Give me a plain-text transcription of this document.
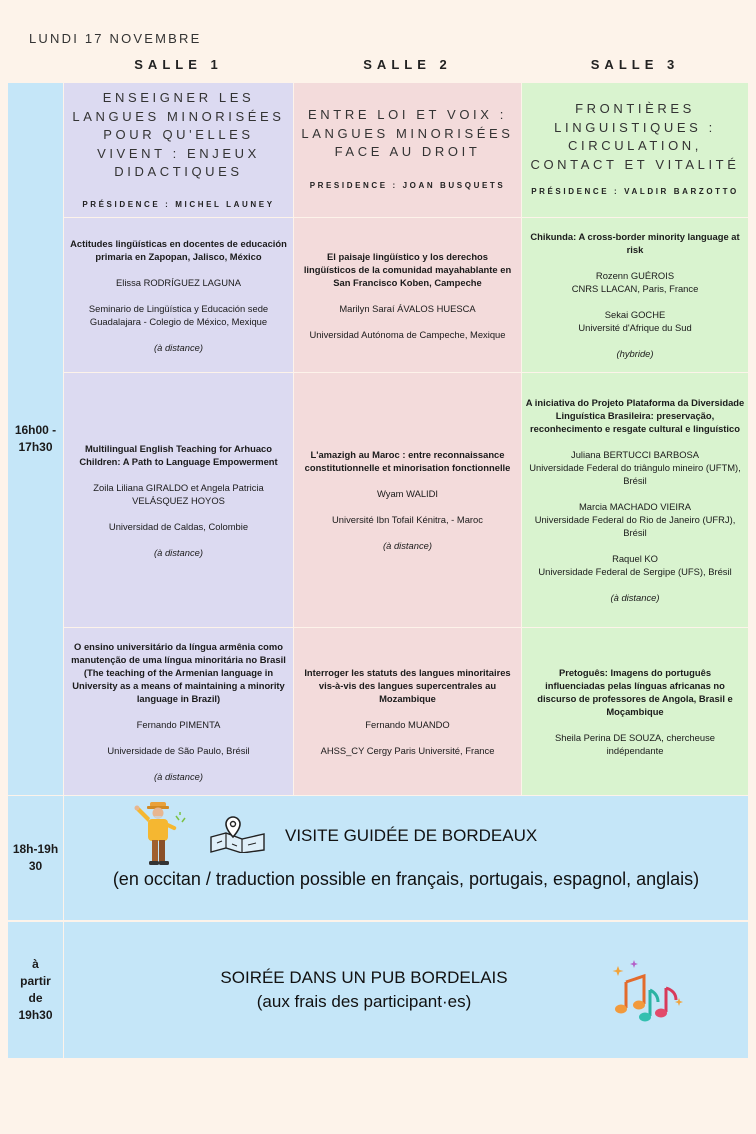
LUNDI 17 NOVEMBRE
SALLE 1	SALLE 2	SALLE 3
16h00 - 17h30
ENSEIGNER LES LANGUES MINORISÉES POUR QU'ELLES VIVENT : ENJEUX DIDACTIQUES
PRÉSIDENCE : MICHEL LAUNEY
ENTRE LOI ET VOIX : LANGUES MINORISÉES FACE AU DROIT
PRESIDENCE : JOAN BUSQUETS
FRONTIÈRES LINGUISTIQUES : CIRCULATION, CONTACT ET VITALITÉ
PRÉSIDENCE : VALDIR BARZOTTO
Actitudes lingüísticas en docentes de educación primaria en Zapopan, Jalisco, México
Elissa RODRÍGUEZ LAGUNA
Seminario de Lingüística y Educación sede Guadalajara - Colegio de México, Mexique
(à distance)
El paisaje lingüístico y los derechos lingüísticos de la comunidad mayahablante en San Francisco Koben, Campeche
Marilyn Saraí ÁVALOS HUESCA
Universidad Autónoma de Campeche, Mexique
Chikunda: A cross-border minority language at risk
Rozenn GUÉROIS
CNRS LLACAN, Paris, France
Sekai GOCHE
Université d'Afrique du Sud
(hybride)
Multilingual English Teaching for Arhuaco Children: A Path to Language Empowerment
Zoila Liliana GIRALDO et Angela Patricia VELÁSQUEZ HOYOS
Universidad de Caldas, Colombie
(à distance)
L'amazigh au Maroc : entre reconnaissance constitutionnelle et minorisation fonctionnelle
Wyam WALIDI
Université Ibn Tofail Kénitra, - Maroc
(à distance)
A iniciativa do Projeto Plataforma da Diversidade Linguística Brasileira: preservação, reconhecimento e resgate cultural e linguístico
Juliana BERTUCCI BARBOSA
Universidade Federal do triângulo mineiro (UFTM), Brésil
Marcia MACHADO VIEIRA
Universidade Federal do Rio de Janeiro (UFRJ), Brésil
Raquel KO
Universidade Federal de Sergipe (UFS), Brésil
(à distance)
O ensino universitário da língua armênia como manutenção de uma língua minoritária no Brasil (The teaching of the Armenian language in University as a means of maintaining a minority language in Brazil)
Fernando PIMENTA
Universidade de São Paulo, Brésil
(à distance)
Interroger les statuts des langues minoritaires vis-à-vis des langues supercentrales au Mozambique
Fernando MUANDO
AHSS_CY Cergy Paris Université, France
Pretoguês: Imagens do português influenciadas pelas línguas africanas no discurso de professores de Angola, Brasil e Moçambique
Sheila Perina DE SOUZA, chercheuse indépendante
18h-19h 30
VISITE GUIDÉE DE BORDEAUX
(en occitan / traduction possible en français, portugais, espagnol, anglais)
à partir de 19h30
SOIRÉE DANS UN PUB BORDELAIS
(aux frais des participant·es)
